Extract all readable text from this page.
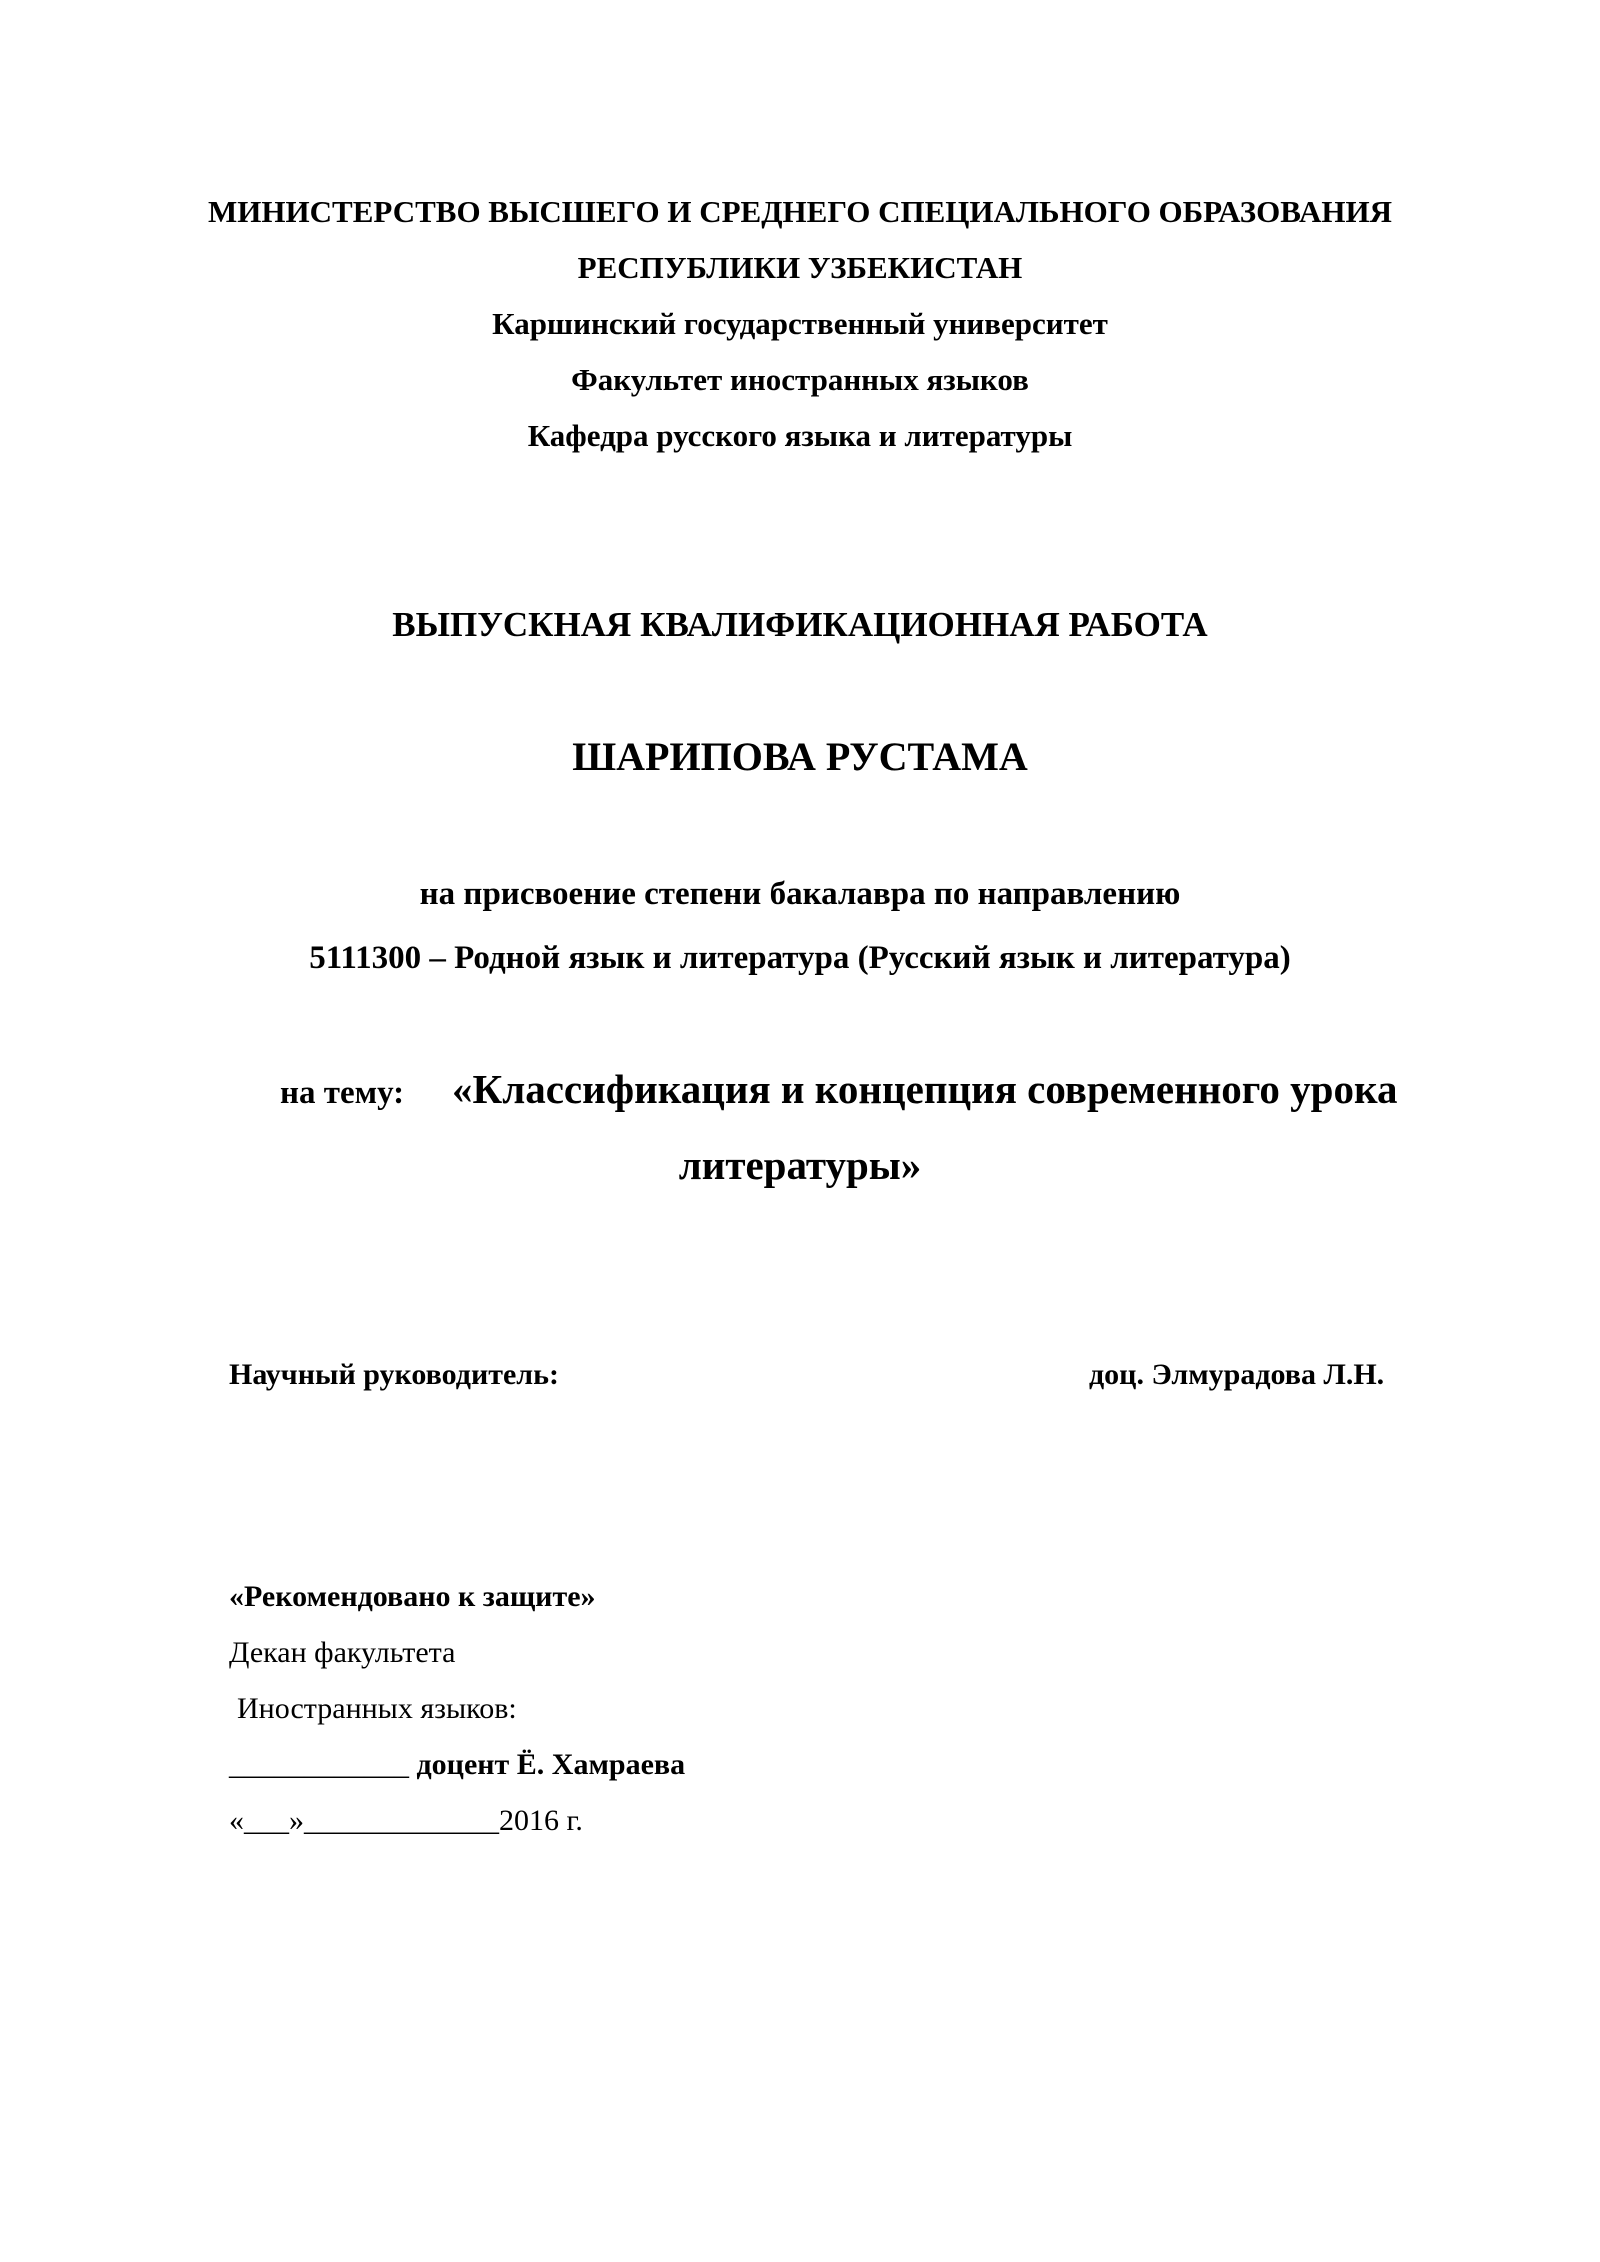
МИНИСТЕРСТВО ВЫСШЕГО И СРЕДНЕГО СПЕЦИАЛЬНОГО ОБРАЗОВАНИЯ
РЕСПУБЛИКИ УЗБЕКИСТАН
Каршинский государственный университет
Факультет иностранных языков
Кафедра русского языка и литературы
ВЫПУСКНАЯ КВАЛИФИКАЦИОННАЯ РАБОТА
ШАРИПОВА РУСТАМА
на присвоение степени бакалавра по направлению
5111300 – Родной язык и литература (Русский язык и литература)
на тему: «Классификация и концепция современного урока
литературы»
Научный руководитель:	доц. Элмурадова Л.Н.
«Рекомендовано к защите»
Декан факультета
Иностранных языков:
____________ доцент Ё. Хамраева
«___»_____________2016 г.
